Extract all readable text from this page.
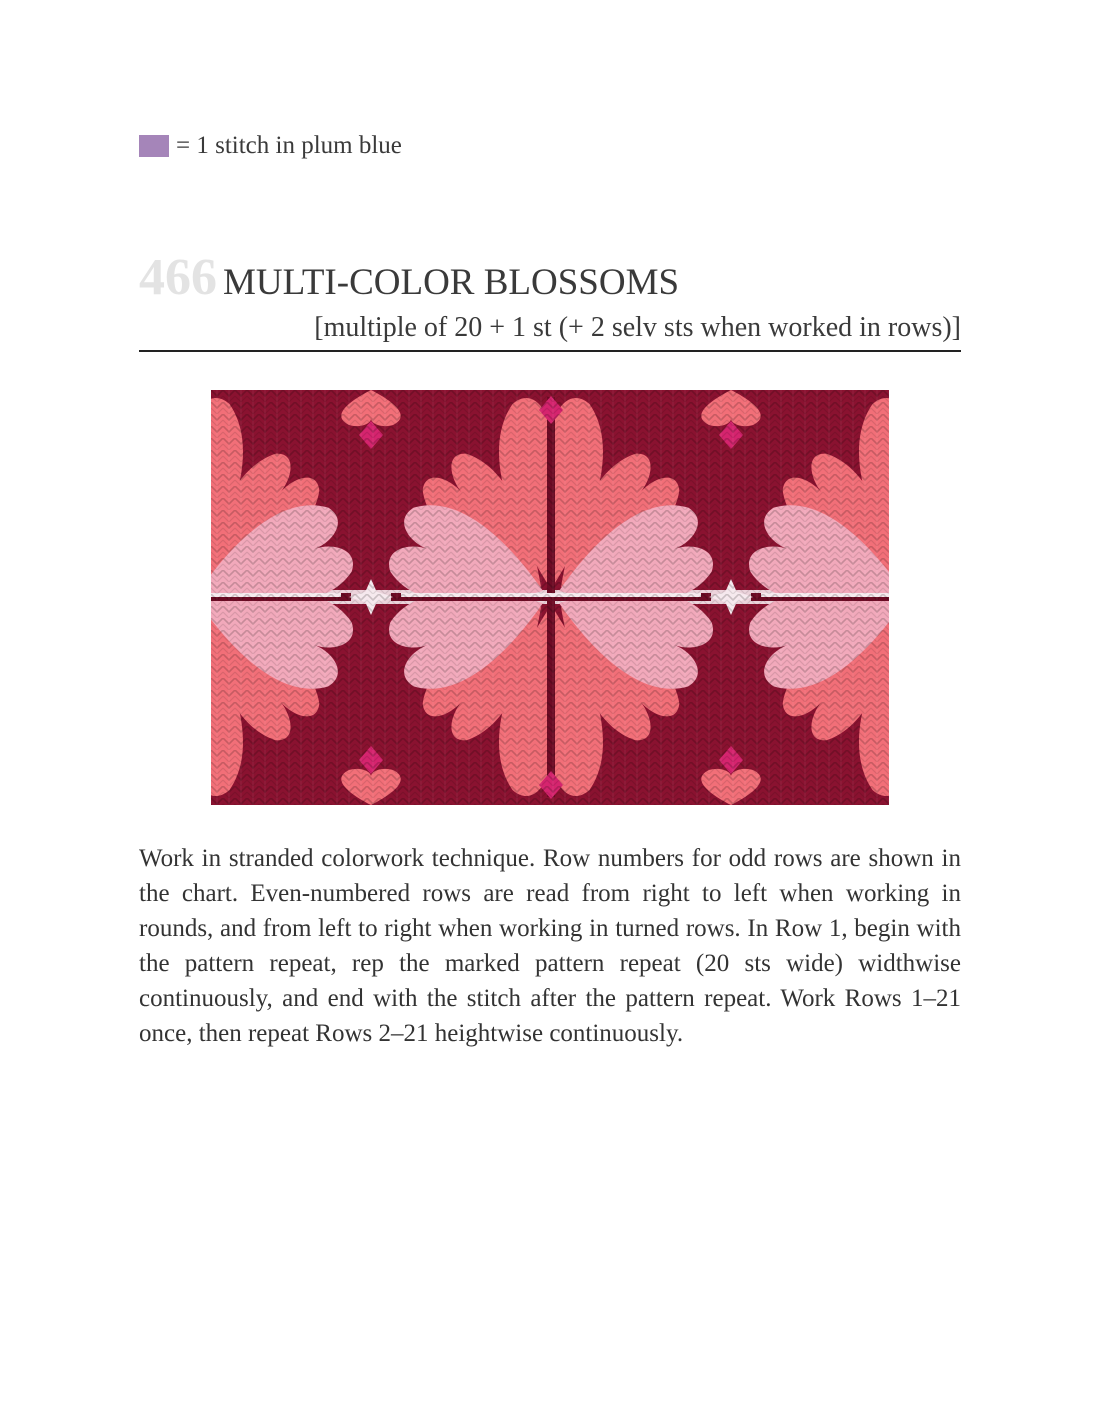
= 1 stitch in plum blue
466 MULTI-COLOR BLOSSOMS
[multiple of 20 + 1 st (+ 2 selv sts when worked in rows)]

Work in stranded colorwork technique. Row numbers for odd rows are shown in the chart. Even-numbered rows are read from right to left when working in rounds, and from left to right when working in turned rows. In Row 1, begin with the pattern repeat, rep the marked pattern repeat (20 sts wide) widthwise continuously, and end with the stitch after the pattern repeat. Work Rows 1–21 once, then repeat Rows 2–21 heightwise continuously.
